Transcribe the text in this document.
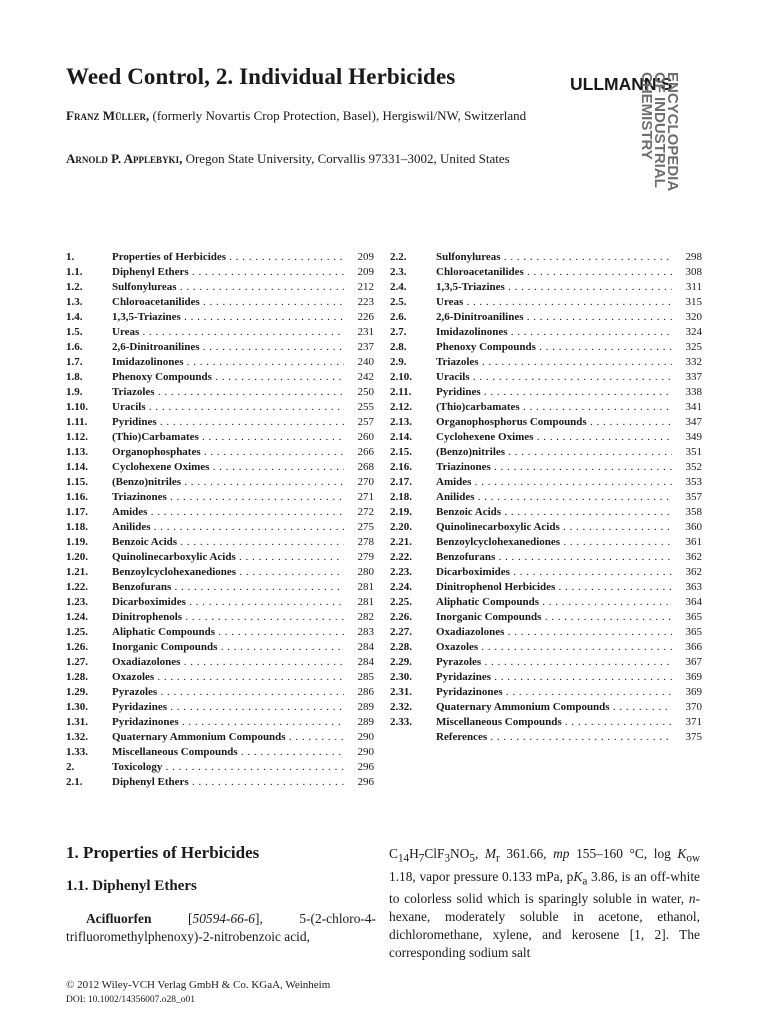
Weed Control, 2. Individual Herbicides
Franz Müller, (formerly Novartis Crop Protection, Basel), Hergiswil/NW, Switzerland
Arnold P. Applebyki, Oregon State University, Corvallis 97331–3002, United States
ULLMANN'S
ENCYCLOPEDIA
OF INDUSTRIAL
CHEMISTRY
1.	Properties of Herbicides . . .	209
1.1.	Diphenyl Ethers . . .	209
1.2.	Sulfonylureas . . .	212
1.3.	Chloroacetanilides . . .	223
1.4.	1,3,5-Triazines . . .	226
1.5.	Ureas . . .	231
1.6.	2,6-Dinitroanilines . . .	237
1.7.	Imidazolinones . . .	240
1.8.	Phenoxy Compounds . . .	242
1.9.	Triazoles . . .	250
1.10.	Uracils . . .	255
1.11.	Pyridines . . .	257
1.12.	(Thio)Carbamates . . .	260
1.13.	Organophosphates . . .	266
1.14.	Cyclohexene Oximes . . .	268
1.15.	(Benzo)nitriles . . .	270
1.16.	Triazinones . . .	271
1.17.	Amides . . .	272
1.18.	Anilides . . .	275
1.19.	Benzoic Acids . . .	278
1.20.	Quinolinecarboxylic Acids . . .	279
1.21.	Benzoylcyclohexanediones . . .	280
1.22.	Benzofurans . . .	281
1.23.	Dicarboximides . . .	281
1.24.	Dinitrophenols . . .	282
1.25.	Aliphatic Compounds . . .	283
1.26.	Inorganic Compounds . . .	284
1.27.	Oxadiazolones . . .	284
1.28.	Oxazoles . . .	285
1.29.	Pyrazoles . . .	286
1.30.	Pyridazines . . .	289
1.31.	Pyridazinones . . .	289
1.32.	Quaternary Ammonium Compounds . . .	290
1.33.	Miscellaneous Compounds . . .	290
2.	Toxicology . . .	296
2.1.	Diphenyl Ethers . . .	296
2.2.	Sulfonylureas . . .	298
2.3.	Chloroacetanilides . . .	308
2.4.	1,3,5-Triazines . . .	311
2.5.	Ureas . . .	315
2.6.	2,6-Dinitroanilines . . .	320
2.7.	Imidazolinones . . .	324
2.8.	Phenoxy Compounds . . .	325
2.9.	Triazoles . . .	332
2.10.	Uracils . . .	337
2.11.	Pyridines . . .	338
2.12.	(Thio)carbamates . . .	341
2.13.	Organophosphorus Compounds . . .	347
2.14.	Cyclohexene Oximes . . .	349
2.15.	(Benzo)nitriles . . .	351
2.16.	Triazinones . . .	352
2.17.	Amides . . .	353
2.18.	Anilides . . .	357
2.19.	Benzoic Acids . . .	358
2.20.	Quinolinecarboxylic Acids . . .	360
2.21.	Benzoylcyclohexanediones . . .	361
2.22.	Benzofurans . . .	362
2.23.	Dicarboximides . . .	362
2.24.	Dinitrophenol Herbicides . . .	363
2.25.	Aliphatic Compounds . . .	364
2.26.	Inorganic Compounds . . .	365
2.27.	Oxadiazolones . . .	365
2.28.	Oxazoles . . .	366
2.29.	Pyrazoles . . .	367
2.30.	Pyridazines . . .	369
2.31.	Pyridazinones . . .	369
2.32.	Quaternary Ammonium Compounds . . .	370
2.33.	Miscellaneous Compounds . . .	371
References . . .	375
1. Properties of Herbicides
1.1. Diphenyl Ethers
Acifluorfen [50594-66-6], 5-(2-chloro-4-trifluoromethylphenoxy)-2-nitrobenzoic acid,
$C_{14}H_7ClF_3NO_5$, $M_r$ 361.66, mp 155–160 °C, $\log K_{ow}$ 1.18, vapor pressure 0.133 mPa, $pK_a$ 3.86, is an off-white to colorless solid which is sparingly soluble in water, n-hexane, moderately soluble in acetone, ethanol, dichloromethane, xylene, and kerosene [1, 2]. The corresponding sodium salt
© 2012 Wiley-VCH Verlag GmbH & Co. KGaA, Weinheim
DOI: 10.1002/14356007.o28_o01
